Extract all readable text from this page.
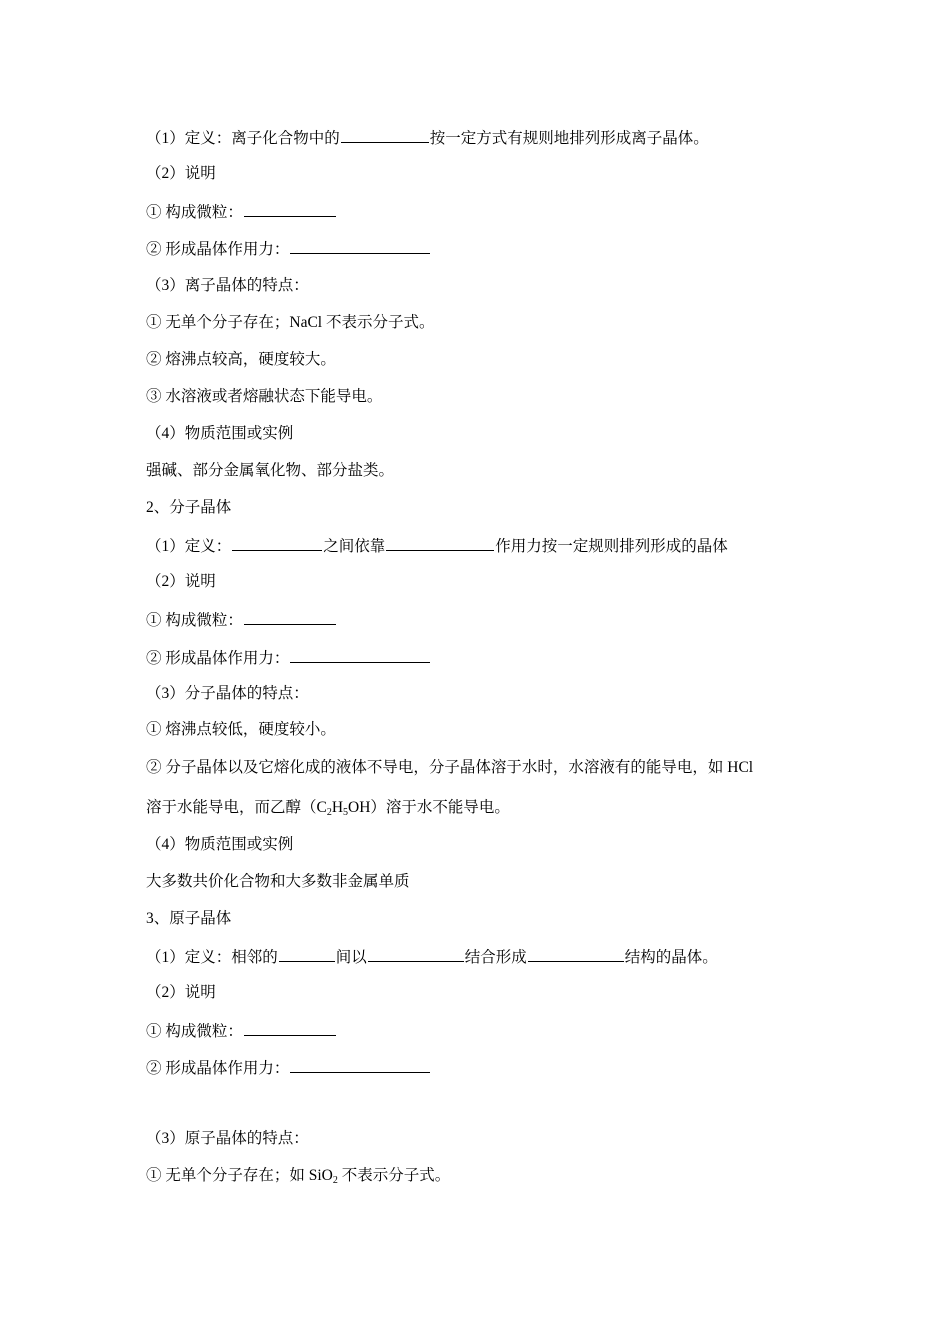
（1）定义：离子化合物中的	按一定方式有规则地排列形成离子晶体。
（2）说明
① 构成微粒：
② 形成晶体作用力：
（3）离子晶体的特点：
① 无单个分子存在；NaCl 不表示分子式。
② 熔沸点较高，硬度较大。
③ 水溶液或者熔融状态下能导电。
（4）物质范围或实例
强碱、部分金属氧化物、部分盐类。
2、分子晶体
（1）定义：	之间依靠	作用力按一定规则排列形成的晶体
（2）说明
① 构成微粒：
② 形成晶体作用力：
（3）分子晶体的特点：
① 熔沸点较低，硬度较小。
② 分子晶体以及它熔化成的液体不导电，分子晶体溶于水时，水溶液有的能导电，如 HCl
溶于水能导电，而乙醇$(C_2H_5OH)$溶于水不能导电。
（4）物质范围或实例
大多数共价化合物和大多数非金属单质
3、原子晶体
（1）定义：相邻的	间以	结合形成	结构的晶体。
（2）说明
① 构成微粒：
② 形成晶体作用力：
（3）原子晶体的特点：
① 无单个分子存在；如 SiO$_2$ 不表示分子式。
